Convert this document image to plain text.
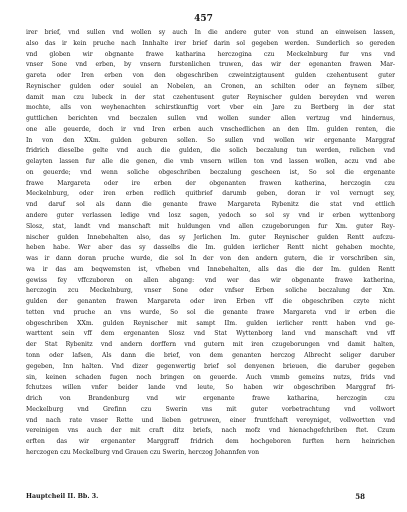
457
irer brief, vnd sullen vnd wollen sy auch In die andere guter von stund an einweisen lassen,
also das ir kein pruche nach Innhalte irer brief darin sol gegeben werden. Sunderlich so gereden
vnd globen wir obgnante frawe katharina herczogina czu Meckelnburg fur vns vnd
vnser Sone vnd erben, by vnsern furstenlichen truwen, das wir der egenanten frawen Mar-
gareta oder Iren erben von den obgeschriben czweintzigtausent gulden czehentusent guter
Reynischer gulden oder souiel an Nobelen, an Cronen, an schilten oder an feynem silber,
damit man czu lubeck in der stat czehentusent guter Reynischer gulden bereyden vnd weren
mochte, alls von weyhenachten schirstkunftig vort vber ein Jare zu Bertberg in der stat
guttlichen berichten vnd beczalen sullen vnd wollen sunder allen vertzug vnd hindernus,
one alle geuerde, doch ir vnd Iren erben auch vnschedlichen an den IIm. gulden renten, die
In von den XXm. gulden geburen sollen. So sullen vnd wollen wir ergenante Marggraf
fridrich dieselbe gelte vnd auch die gulden, die solich beczalung tun werden, relichen vnd
gelayten lassen fur alle die genen, die vmb vnsern willen ton vnd lassen wollen, aczu vnd abe
on geuerde; vnd wenn soliche obgeschriben beczalung gescheen ist, So sol die ergenante
frawe Margareta oder ire erben der obgenanten frawen katherina, herczogin czu
Meckelnburg, oder iren erben redlich quitbrief darumb geben, doran ir vol vernugt sey,
vnd daruf sol als dann die genante frawe Margareta Rybenitz die stat vnd ettlich
andere guter verlassen ledige vnd losz sagen, yedoch so sol sy vnd ir erben wyttenborg
Slosz, stat, landt vnd manschaft mit huldungen vnd allen czugeborungen fur Xm. guter Rey-
nischer gulden Innebehalten also, das sy Jerlichen Im. guter Reynischer gulden Rentt aufczu-
heben habe. Wer aber das sy dasselbs die Im. gulden ierlicher Rentt nicht gehaben mochte,
was ir dann doran pruche wurde, die sol In der von den andern gutern, die ir vorschriben sin,
wa ir das am beqwemsten ist, vfheben vnd Innebehalten, alls das die der Im. gulden Rentt
gewiss fey vffczuboren on allen abgang: vnd wer das wir obgenante frawe katherina,
herczogin zcu Meckelnburg, vnser Sone oder vnfser Erben soliche beczalung der Xm.
gulden der genanten frawen Margareta oder iren Erben vff die obgeschriben czyte nicht
tetten vnd pruche an vns wurde, So sol die genante frawe Margareta vnd ir erben die
obgeschriben XXm. gulden Reynischer mit sampt IIm. gulden ierlicher rentt haben vnd ge-
warttent sein vff dem ergenanten Slosz vnd Stat Wyttenborg land vnd manschaft vnd vff
der Stat Rybenitz vnd andern dorffern vnd gutern mit iren czugeborungen vnd damit halten,
tonn oder lafsen, Als dann die brief, von dem genanten herczog Albrecht seliger daruber
gegeben, Inn halten. Vnd dizer gegenwertig brief sol denyenen brieuen, die daruber gegeben
sin, keinen schaden fugen noch bringen on geuerde. Auch vmmb gemeins nutzs, frids vnd
fchutzes willen vnfer beider lande vnd leute, So haben wir obgeschriben Marggraf fri-
drich von Brandenburg vnd wir ergenante frawe katharina, herczogin czu
Meckelburg vnd Grefinn czu Swerin vns mit guter vorbetrachtung vnd vollwort
vnd nach rate vnser Rette und lieben getruwen, einer fruntfchaft vereyniget, vollwortten vnd
vereinigen vns auch der mit craft ditz briefs, nach mofz vnd hienachgefchriben ftet. Czum
erften das wir ergenanter Marggraff fridrich dem hochgeboren furften hern heinrichen
herczogen czu Meckelburg vnd Grauen czu Swerin, herczog Johannfen von
Hauptcheil II. Bb. 3.	58
